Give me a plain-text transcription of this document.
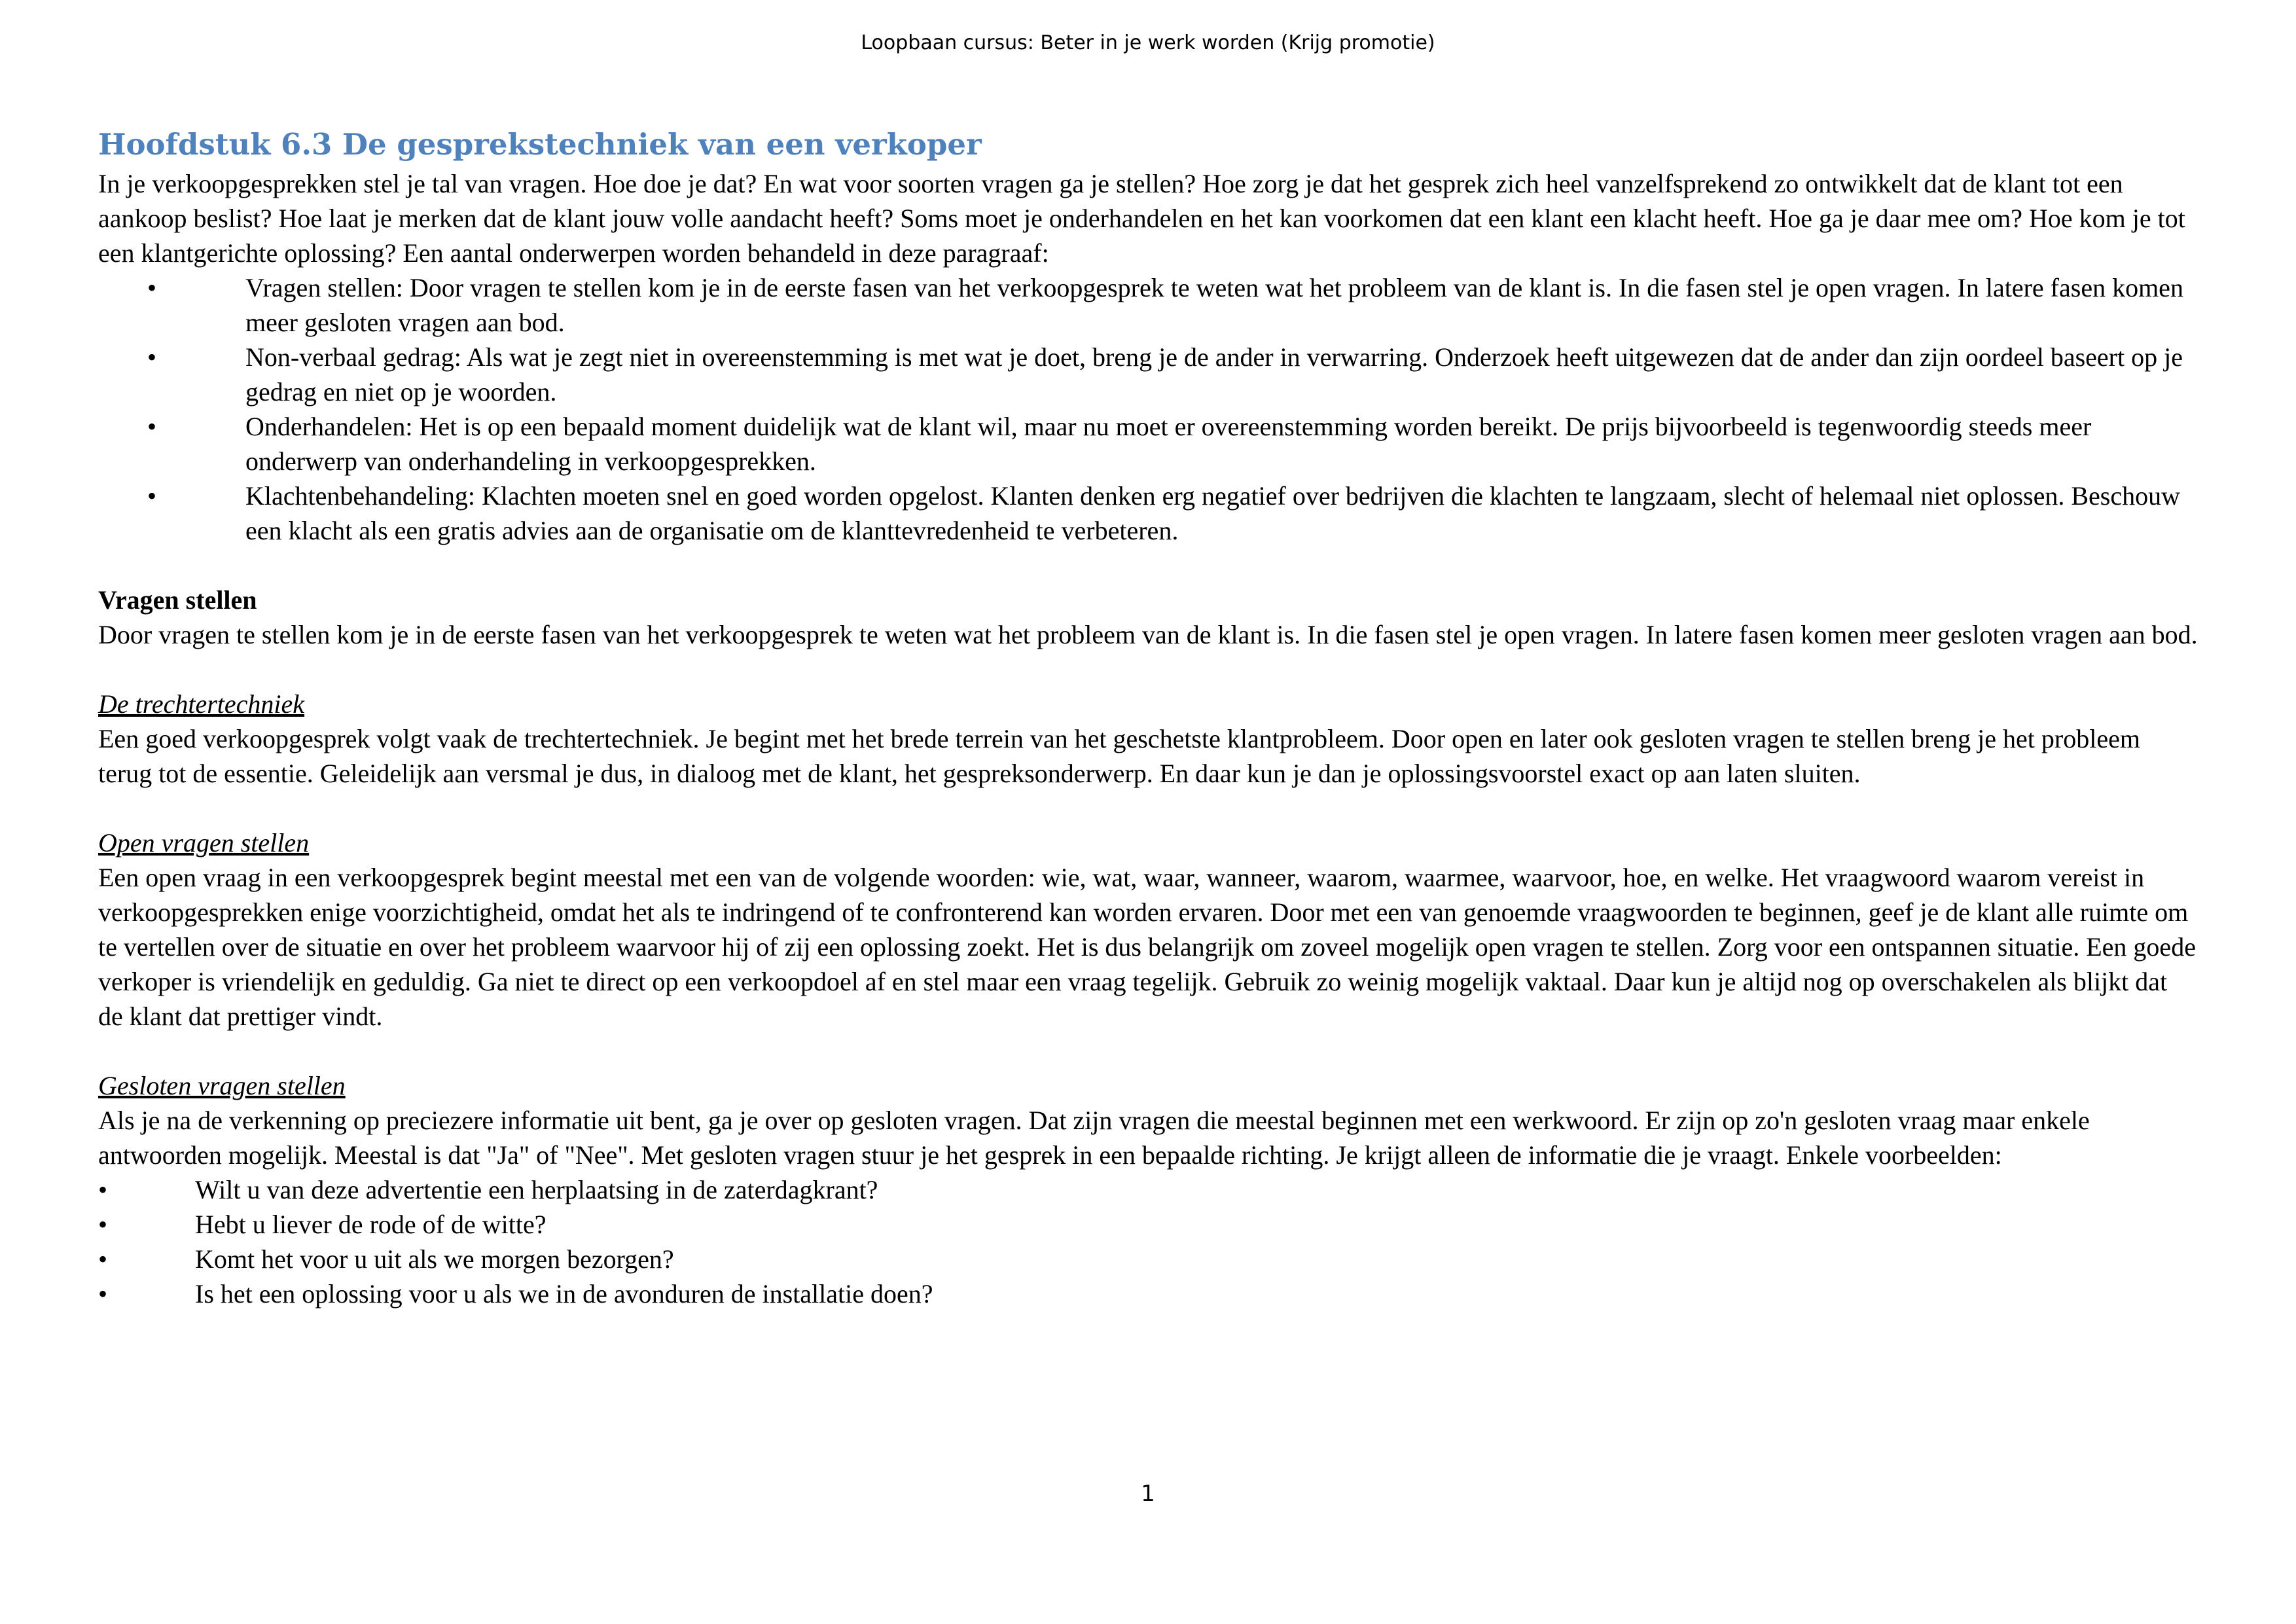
Loopbaan cursus: Beter in je werk worden (Krijg promotie)
Hoofdstuk 6.3 De gesprekstechniek van een verkoper

In je verkoopgesprekken stel je tal van vragen. Hoe doe je dat? En wat voor soorten vragen ga je stellen? Hoe zorg je dat het gesprek zich heel vanzelfsprekend zo ontwikkelt dat de klant tot een aankoop beslist? Hoe laat je merken dat de klant jouw volle aandacht heeft? Soms moet je onderhandelen en het kan voorkomen dat een klant een klacht heeft. Hoe ga je daar mee om? Hoe kom je tot een klantgerichte oplossing? Een aantal onderwerpen worden behandeld in deze paragraaf:

•	Vragen stellen: Door vragen te stellen kom je in de eerste fasen van het verkoopgesprek te weten wat het probleem van de klant is. In die fasen stel je open vragen. In latere fasen komen meer gesloten vragen aan bod.
•	Non-verbaal gedrag: Als wat je zegt niet in overeenstemming is met wat je doet, breng je de ander in verwarring. Onderzoek heeft uitgewezen dat de ander dan zijn oordeel baseert op je gedrag en niet op je woorden.
•	Onderhandelen: Het is op een bepaald moment duidelijk wat de klant wil, maar nu moet er overeenstemming worden bereikt. De prijs bijvoorbeeld is tegenwoordig steeds meer onderwerp van onderhandeling in verkoopgesprekken.
•	Klachtenbehandeling: Klachten moeten snel en goed worden opgelost. Klanten denken erg negatief over bedrijven die klachten te langzaam, slecht of helemaal niet oplossen. Beschouw een klacht als een gratis advies aan de organisatie om de klanttevredenheid te verbeteren.
Vragen stellen

Door vragen te stellen kom je in de eerste fasen van het verkoopgesprek te weten wat het probleem van de klant is. In die fasen stel je open vragen. In latere fasen komen meer gesloten vragen aan bod.

De trechtertechniek

Een goed verkoopgesprek volgt vaak de trechtertechniek. Je begint met het brede terrein van het geschetste klantprobleem. Door open en later ook gesloten vragen te stellen breng je het probleem terug tot de essentie. Geleidelijk aan versmal je dus, in dialoog met de klant, het gespreksonderwerp. En daar kun je dan je oplossingsvoorstel exact op aan laten sluiten.

Open vragen stellen

Een open vraag in een verkoopgesprek begint meestal met een van de volgende woorden: wie, wat, waar, wanneer, waarom, waarmee, waarvoor, hoe, en welke. Het vraagwoord waarom vereist in verkoopgesprekken enige voorzichtigheid, omdat het als te indringend of te confronterend kan worden ervaren. Door met een van genoemde vraagwoorden te beginnen, geef je de klant alle ruimte om te vertellen over de situatie en over het probleem waarvoor hij of zij een oplossing zoekt. Het is dus belangrijk om zoveel mogelijk open vragen te stellen. Zorg voor een ontspannen situatie. Een goede verkoper is vriendelijk en geduldig. Ga niet te direct op een verkoopdoel af en stel maar een vraag tegelijk. Gebruik zo weinig mogelijk vaktaal. Daar kun je altijd nog op overschakelen als blijkt dat de klant dat prettiger vindt.

Gesloten vragen stellen

Als je na de verkenning op preciezere informatie uit bent, ga je over op gesloten vragen. Dat zijn vragen die meestal beginnen met een werkwoord. Er zijn op zo'n gesloten vraag maar enkele antwoorden mogelijk. Meestal is dat "Ja" of "Nee". Met gesloten vragen stuur je het gesprek in een bepaalde richting. Je krijgt alleen de informatie die je vraagt. Enkele voorbeelden:

•	Wilt u van deze advertentie een herplaatsing in de zaterdagkrant?
•	Hebt u liever de rode of de witte?
•	Komt het voor u uit als we morgen bezorgen?
•	Is het een oplossing voor u als we in de avonduren de installatie doen?
1
